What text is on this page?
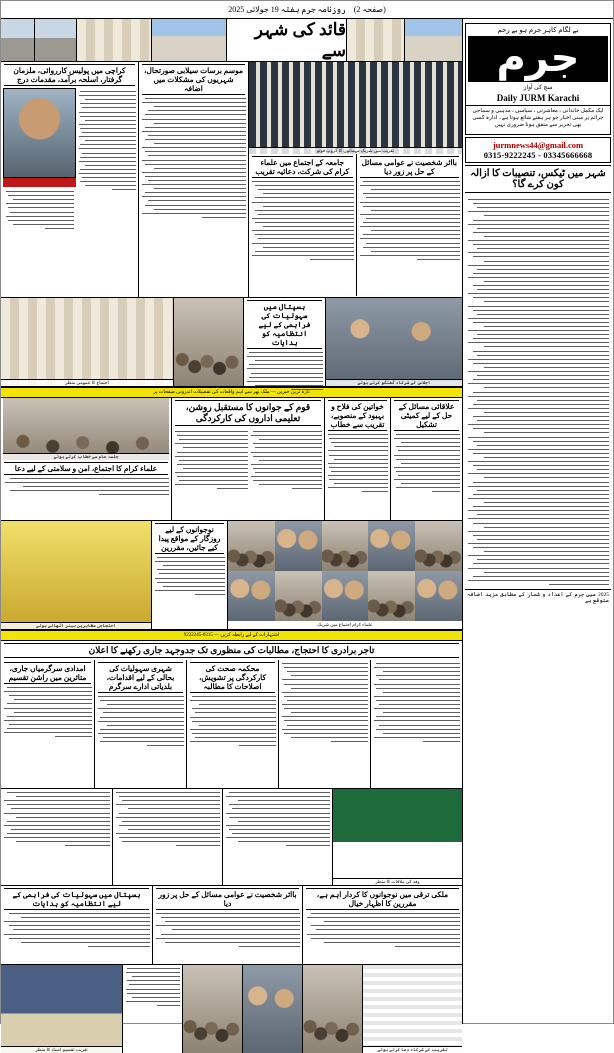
(صفحہ 2)
روزنامہ جرم ہفتہ 19 جولائی 2025
بے لگام کاہر جرم ہو بے رحم
جرم
سچ کی آواز
Daily JURM Karachi
ایک مکمل خاندانی ، معاشرتی ، سیاسی ، مذہبی و سماجی جرائم پر مبنی اخبار جو ہر ہفتے شائع ہوتا ہے۔ ادارہ کسی بھی تحریر سے متفق ہونا ضروری نہیں
jurmnews44@gmail.com
0315-9222245 - 03345666668
شہر میں ٹیکس، تنصیبات کا ازالہ کون کرے گا؟
2025 میں جرم کے اعداد و شمار کے مطابق مزید اضافہ متوقع ہے
قائد کی شہر سے
تقریب میں شریک مہمانوں کا گروپ فوٹو
بااثر شخصیت نے عوامی مسائل کے حل پر زور دیا
جامعہ کے اجتماع میں علماء کرام کی شرکت، دعائیہ تقریب
موسم برسات سیلابی صورتحال، شہریوں کی مشکلات میں اضافہ
کراچی میں پولیس کارروائی، ملزمان گرفتار، اسلحہ برآمد، مقدمات درج
اجلاس کے شرکاء گفتگو کرتے ہوئے
ہسپتال میں سہولیات کی فراہمی کے لیے انتظامیہ کو ہدایات
اجتماع کا عمومی منظر
تازہ ترین خبریں — ملک بھر سے اہم واقعات کی تفصیلات اندرونی صفحات پر
علاقائی مسائل کے حل کے لیے کمیٹی تشکیل
خواتین کی فلاح و بہبود کے منصوبے، تقریب سے خطاب
قوم کے جوانوں کا مستقبل روشن، تعلیمی اداروں کی کارکردگی
جلسہ عام سے خطاب کرتے ہوئے
علماء کرام کا اجتماع، امن و سلامتی کے لیے دعا
علماء کرام اجتماع میں شریک
نوجوانوں کے لیے روزگار کے مواقع پیدا کیے جائیں، مقررین
احتجاجی مظاہرین بینر اٹھائے ہوئے
اشتہارات کے لیے رابطہ کریں — 0315-9222245
تاجر برادری کا احتجاج، مطالبات کی منظوری تک جدوجہد جاری رکھنے کا اعلان
محکمہ صحت کی کارکردگی پر تشویش، اصلاحات کا مطالبہ
شہری سہولیات کی بحالی کے لیے اقدامات، بلدیاتی ادارے سرگرم
امدادی سرگرمیاں جاری، متاثرین میں راشن تقسیم
وفد کی ملاقات کا منظر
ملکی ترقی میں نوجوانوں کا کردار اہم ہے، مقررین کا اظہار خیال
بااثر شخصیت نے عوامی مسائل کے حل پر زور دیا
ہسپتال میں سہولیات کی فراہمی کے لیے انتظامیہ کو ہدایات
تقریب کے شرکاء دعا کرتے ہوئے
تقریب تقسیم اسناد کا منظر
